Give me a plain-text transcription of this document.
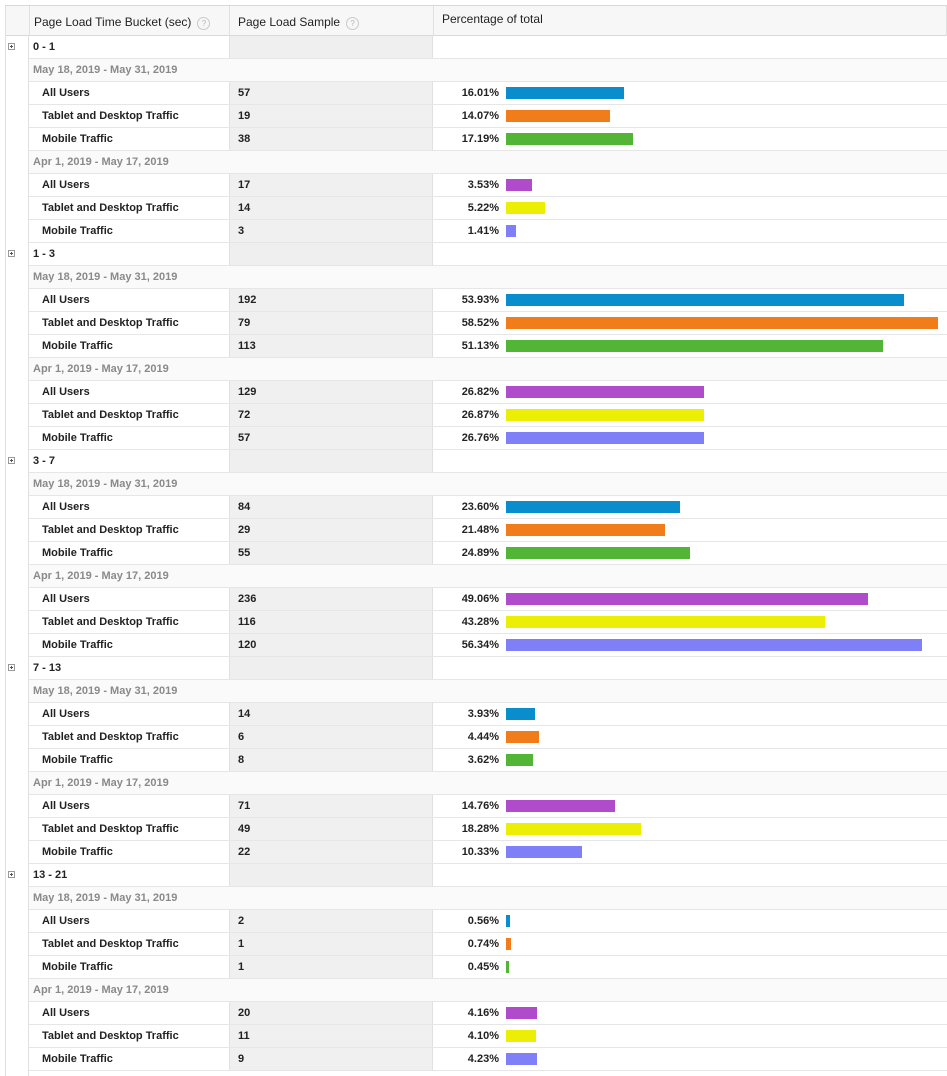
Page Load Time Bucket (sec) ?	Page Load Sample ?	Percentage of total
0 - 1
May 18, 2019 - May 31, 2019
All Users	57	16.01%
Tablet and Desktop Traffic	19	14.07%
Mobile Traffic	38	17.19%
Apr 1, 2019 - May 17, 2019
All Users	17	3.53%
Tablet and Desktop Traffic	14	5.22%
Mobile Traffic	3	1.41%
1 - 3
May 18, 2019 - May 31, 2019
All Users	192	53.93%
Tablet and Desktop Traffic	79	58.52%
Mobile Traffic	113	51.13%
Apr 1, 2019 - May 17, 2019
All Users	129	26.82%
Tablet and Desktop Traffic	72	26.87%
Mobile Traffic	57	26.76%
3 - 7
May 18, 2019 - May 31, 2019
All Users	84	23.60%
Tablet and Desktop Traffic	29	21.48%
Mobile Traffic	55	24.89%
Apr 1, 2019 - May 17, 2019
All Users	236	49.06%
Tablet and Desktop Traffic	116	43.28%
Mobile Traffic	120	56.34%
7 - 13
May 18, 2019 - May 31, 2019
All Users	14	3.93%
Tablet and Desktop Traffic	6	4.44%
Mobile Traffic	8	3.62%
Apr 1, 2019 - May 17, 2019
All Users	71	14.76%
Tablet and Desktop Traffic	49	18.28%
Mobile Traffic	22	10.33%
13 - 21
May 18, 2019 - May 31, 2019
All Users	2	0.56%
Tablet and Desktop Traffic	1	0.74%
Mobile Traffic	1	0.45%
Apr 1, 2019 - May 17, 2019
All Users	20	4.16%
Tablet and Desktop Traffic	11	4.10%
Mobile Traffic	9	4.23%
